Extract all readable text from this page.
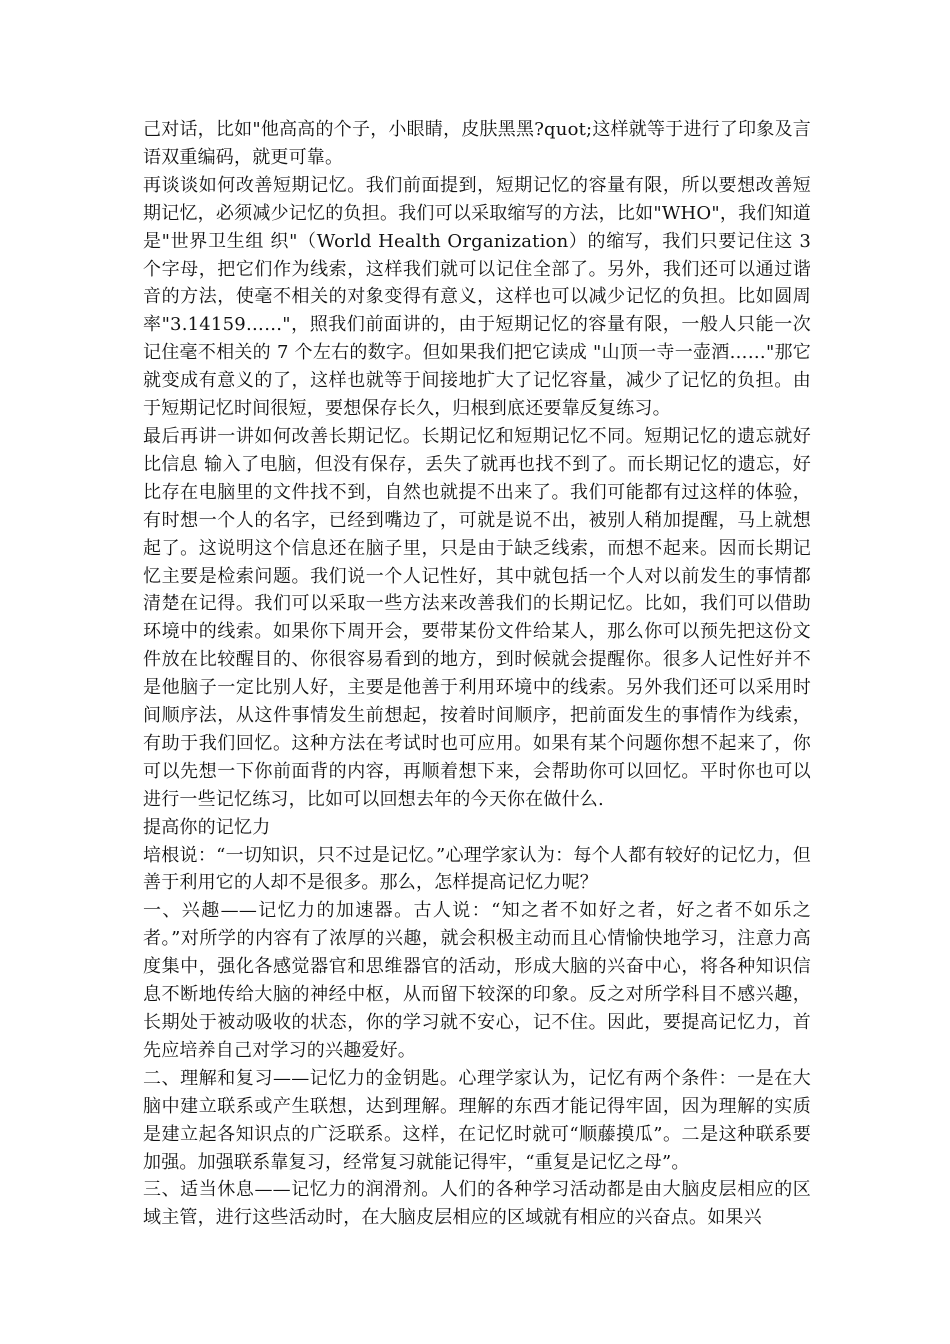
己对话，比如"他高高的个子，小眼睛，皮肤黑黑?quot;这样就等于进行了印象及言语双重编码，就更可靠。

再谈谈如何改善短期记忆。我们前面提到，短期记忆的容量有限，所以要想改善短期记忆，必须减少记忆的负担。我们可以采取缩写的方法，比如"WHO"，我们知道是"世界卫生组 织"（World Health Organization）的缩写，我们只要记住这 3 个字母，把它们作为线索，这样我们就可以记住全部了。另外，我们还可以通过谐音的方法，使毫不相关的对象变得有意义，这样也可以减少记忆的负担。比如圆周率"3.14159……"，照我们前面讲的，由于短期记忆的容量有限，一般人只能一次记住毫不相关的 7 个左右的数字。但如果我们把它读成 "山顶一寺一壶酒……"那它就变成有意义的了，这样也就等于间接地扩大了记忆容量，减少了记忆的负担。由于短期记忆时间很短，要想保存长久，归根到底还要靠反复练习。

最后再讲一讲如何改善长期记忆。长期记忆和短期记忆不同。短期记忆的遗忘就好比信息 输入了电脑，但没有保存，丢失了就再也找不到了。而长期记忆的遗忘，好比存在电脑里的文件找不到，自然也就提不出来了。我们可能都有过这样的体验，有时想一个人的名字，已经到嘴边了，可就是说不出，被别人稍加提醒，马上就想起了。这说明这个信息还在脑子里，只是由于缺乏线索，而想不起来。因而长期记忆主要是检索问题。我们说一个人记性好，其中就包括一个人对以前发生的事情都清楚在记得。我们可以采取一些方法来改善我们的长期记忆。比如，我们可以借助环境中的线索。如果你下周开会，要带某份文件给某人，那么你可以预先把这份文件放在比较醒目的、你很容易看到的地方，到时候就会提醒你。很多人记性好并不是他脑子一定比别人好，主要是他善于利用环境中的线索。另外我们还可以采用时间顺序法，从这件事情发生前想起，按着时间顺序，把前面发生的事情作为线索，有助于我们回忆。这种方法在考试时也可应用。如果有某个问题你想不起来了，你可以先想一下你前面背的内容，再顺着想下来，会帮助你可以回忆。平时你也可以进行一些记忆练习，比如可以回想去年的今天你在做什么.

提高你的记忆力

培根说：“一切知识，只不过是记忆。”心理学家认为：每个人都有较好的记忆力，但善于利用它的人却不是很多。那么，怎样提高记忆力呢？

一、兴趣——记忆力的加速器。古人说：“知之者不如好之者，好之者不如乐之者。”对所学的内容有了浓厚的兴趣，就会积极主动而且心情愉快地学习，注意力高度集中，强化各感觉器官和思维器官的活动，形成大脑的兴奋中心，将各种知识信息不断地传给大脑的神经中枢，从而留下较深的印象。反之对所学科目不感兴趣，长期处于被动吸收的状态，你的学习就不安心，记不住。因此，要提高记忆力，首先应培养自己对学习的兴趣爱好。

二、理解和复习——记忆力的金钥匙。心理学家认为，记忆有两个条件：一是在大脑中建立联系或产生联想，达到理解。理解的东西才能记得牢固，因为理解的实质是建立起各知识点的广泛联系。这样，在记忆时就可“顺藤摸瓜”。二是这种联系要加强。加强联系靠复习，经常复习就能记得牢，“重复是记忆之母”。

三、适当休息——记忆力的润滑剂。人们的各种学习活动都是由大脑皮层相应的区域主管，进行这些活动时，在大脑皮层相应的区域就有相应的兴奋点。如果兴
